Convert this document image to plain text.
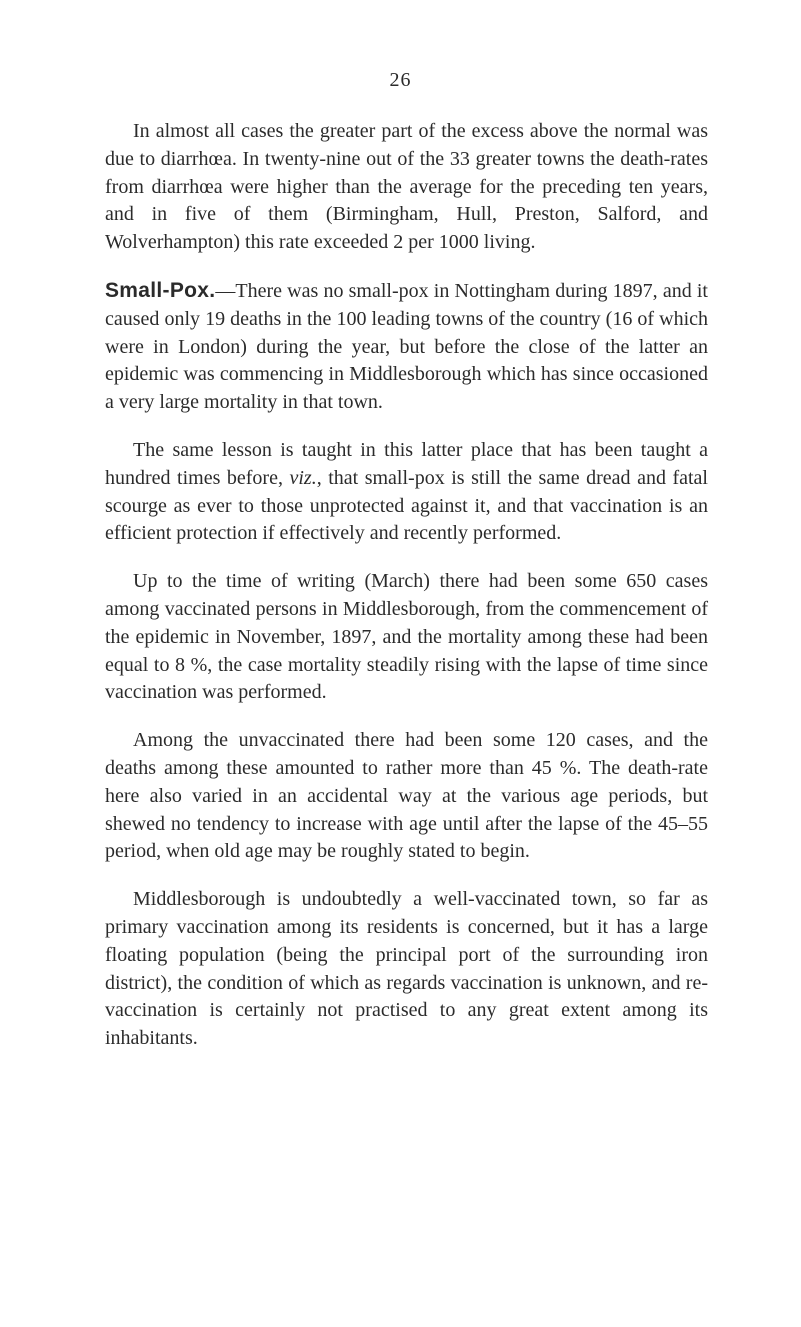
26

In almost all cases the greater part of the excess above the normal was due to diarrhœa. In twenty-nine out of the 33 greater towns the death-rates from diarrhœa were higher than the average for the preceding ten years, and in five of them (Birmingham, Hull, Preston, Salford, and Wolverhampton) this rate exceeded 2 per 1000 living.

Small-Pox.—There was no small-pox in Nottingham during 1897, and it caused only 19 deaths in the 100 leading towns of the country (16 of which were in London) during the year, but before the close of the latter an epidemic was commencing in Middlesborough which has since occasioned a very large mortality in that town.

The same lesson is taught in this latter place that has been taught a hundred times before, viz., that small-pox is still the same dread and fatal scourge as ever to those unprotected against it, and that vaccination is an efficient protection if effectively and recently performed.

Up to the time of writing (March) there had been some 650 cases among vaccinated persons in Middlesborough, from the commencement of the epidemic in November, 1897, and the mortality among these had been equal to 8 %, the case mortality steadily rising with the lapse of time since vaccination was performed.

Among the unvaccinated there had been some 120 cases, and the deaths among these amounted to rather more than 45 %. The death-rate here also varied in an accidental way at the various age periods, but shewed no tendency to increase with age until after the lapse of the 45–55 period, when old age may be roughly stated to begin.

Middlesborough is undoubtedly a well-vaccinated town, so far as primary vaccination among its residents is concerned, but it has a large floating population (being the principal port of the surrounding iron district), the condition of which as regards vaccination is unknown, and re-vaccination is certainly not practised to any great extent among its inhabitants.
